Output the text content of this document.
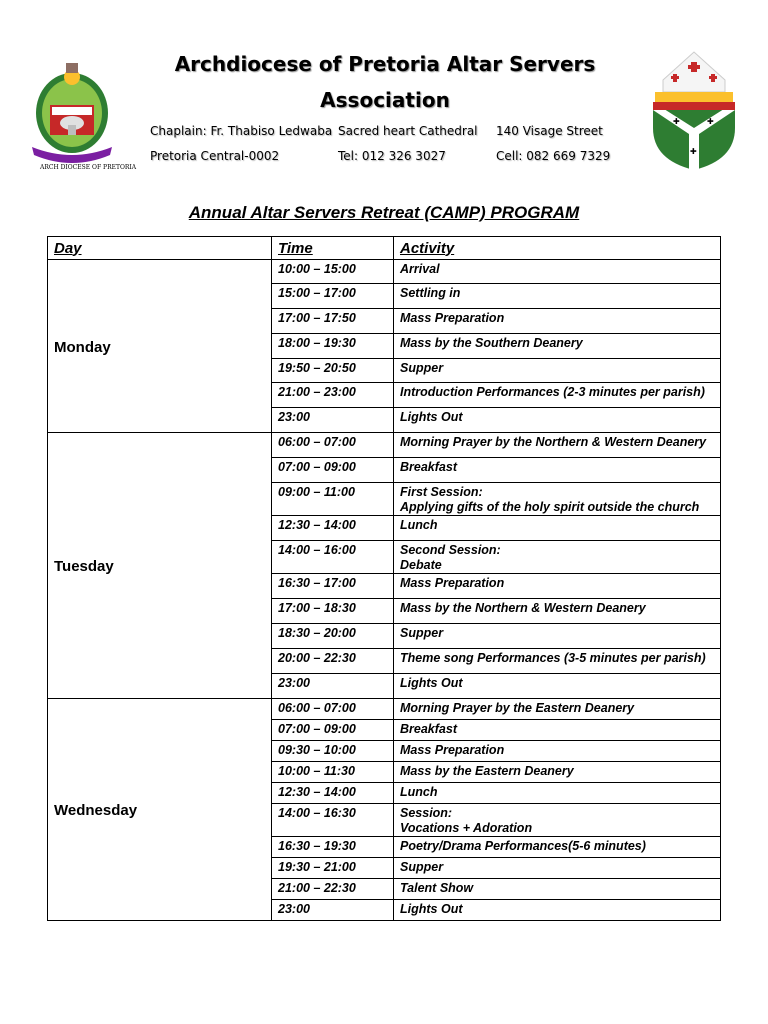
ARCH DIOCESE OF PRETORIA
✚	✚
✚
Archdiocese of Pretoria Altar Servers
Association
Chaplain: Fr. Thabiso Ledwaba Sacred heart Cathedral 140 Visage Street
Pretoria Central-0002	Tel: 012 326 3027	Cell: 082 669 7329
Annual Altar Servers Retreat (CAMP) PROGRAM
Day	Time	Activity
Monday	10:00 – 15:00	Arrival

	15:00 – 17:00	Settling in

	17:00 – 17:50	Mass Preparation

	18:00 – 19:30	Mass by the Southern Deanery

	19:50 – 20:50	Supper

	21:00 – 23:00	Introduction Performances (2-3 minutes per parish)

	23:00	Lights Out

Tuesday	06:00 – 07:00	Morning Prayer by the Northern & Western Deanery

	07:00 – 09:00	Breakfast

	09:00 – 11:00	First Session:
Applying gifts of the holy spirit outside the church

	12:30 – 14:00	Lunch

	14:00 – 16:00	Second Session:
Debate

	16:30 – 17:00	Mass Preparation

	17:00 – 18:30	Mass by the Northern & Western Deanery

	18:30 – 20:00	Supper

	20:00 – 22:30	Theme song Performances (3-5 minutes per parish)

	23:00	Lights Out

Wednesday	06:00 – 07:00	Morning Prayer by the Eastern Deanery

	07:00 – 09:00	Breakfast

	09:30 – 10:00	Mass Preparation

	10:00 – 11:30	Mass by the Eastern Deanery

	12:30 – 14:00	Lunch

	14:00 – 16:30	Session:
Vocations + Adoration

	16:30 – 19:30	Poetry/Drama Performances(5-6 minutes)

	19:30 – 21:00	Supper

	21:00 – 22:30	Talent Show

	23:00	Lights Out
